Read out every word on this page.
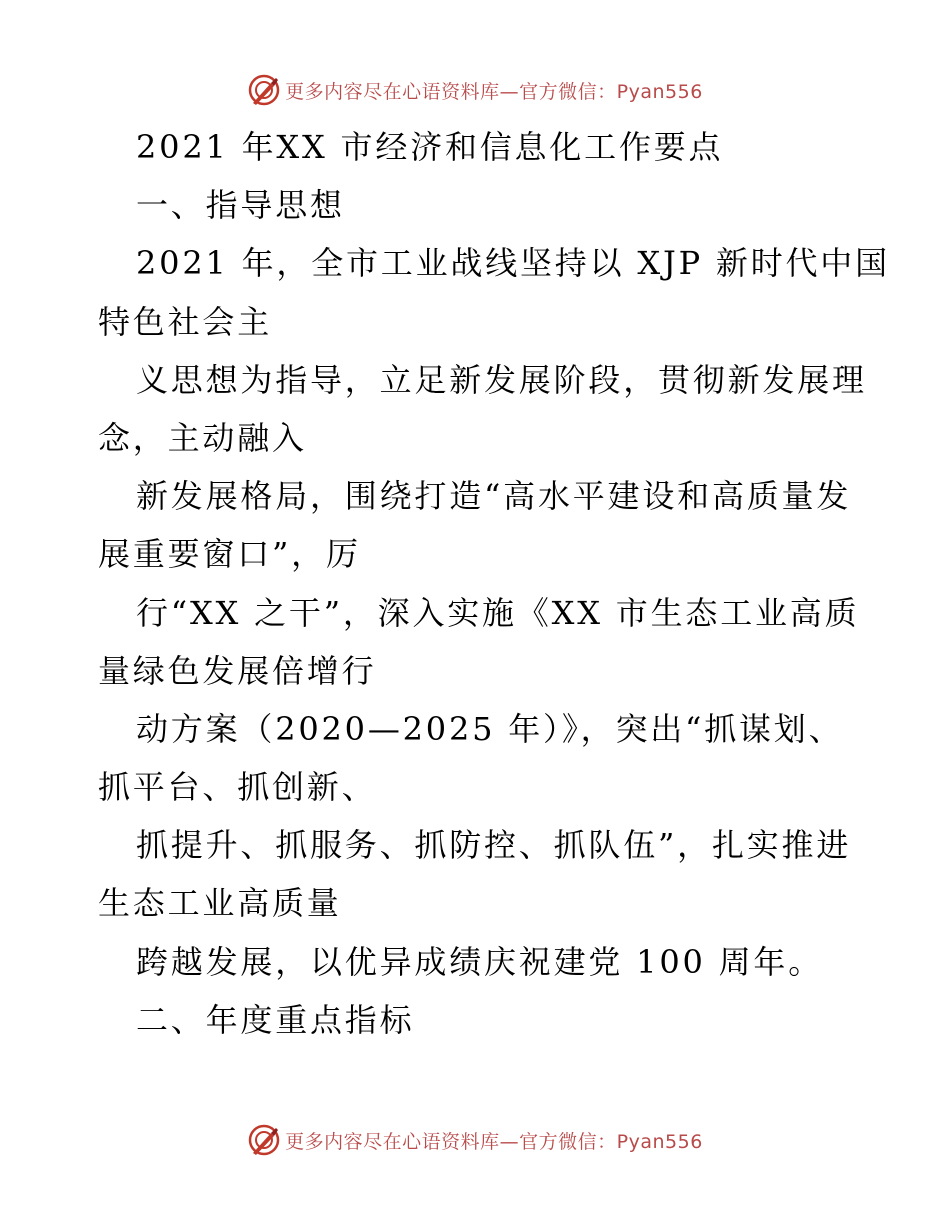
更多内容尽在心语资料库—官方微信：Pyan556
2021 年XX 市经济和信息化工作要点
一、指导思想
2021 年，全市工业战线坚持以 XJP 新时代中国
特色社会主
义思想为指导，立足新发展阶段，贯彻新发展理
念，主动融入
新发展格局，围绕打造“高水平建设和高质量发
展重要窗口”，厉
行“XX 之干”，深入实施《XX 市生态工业高质
量绿色发展倍增行
动方案（2020—2025 年）》，突出“抓谋划、
抓平台、抓创新、
抓提升、抓服务、抓防控、抓队伍”，扎实推进
生态工业高质量
跨越发展，以优异成绩庆祝建党 100 周年。
二、年度重点指标
更多内容尽在心语资料库—官方微信：Pyan556
